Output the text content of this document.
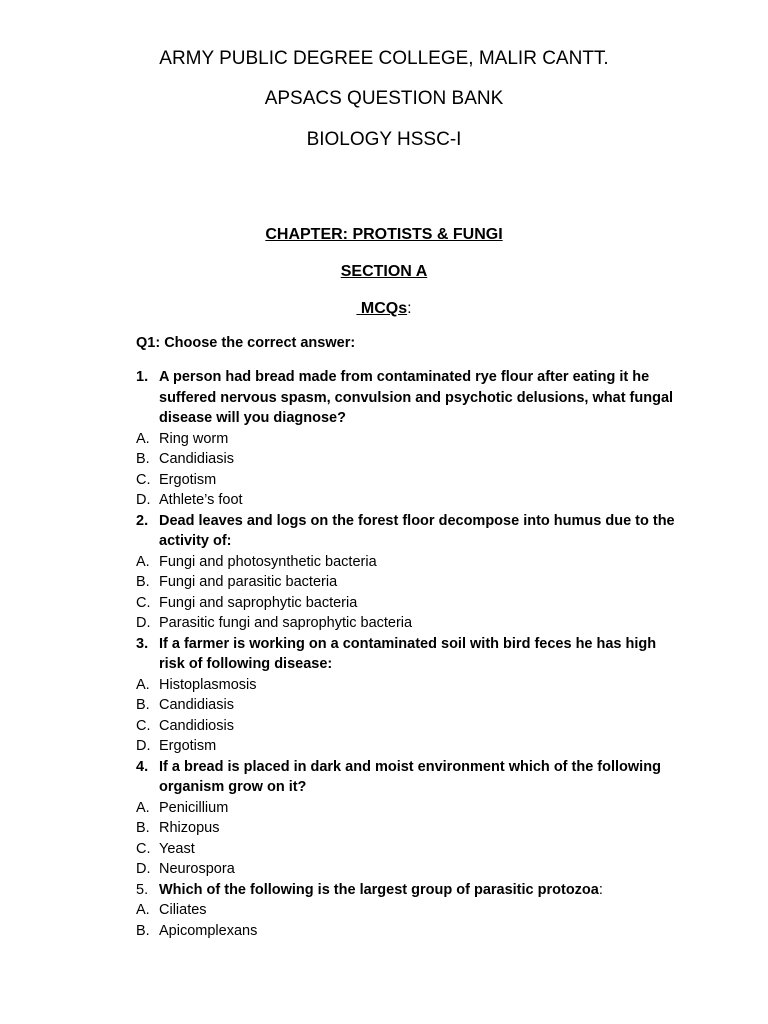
ARMY PUBLIC DEGREE COLLEGE, MALIR CANTT.
APSACS QUESTION BANK
BIOLOGY HSSC-I
CHAPTER: PROTISTS & FUNGI
SECTION A
MCQs:
Q1: Choose the correct answer:
1. A person had bread made from contaminated rye flour after eating it he suffered nervous spasm, convulsion and psychotic delusions, what fungal disease will you diagnose?
A. Ring worm
B. Candidiasis
C. Ergotism
D. Athlete’s foot
2. Dead leaves and logs on the forest floor decompose into humus due to the activity of:
A. Fungi and photosynthetic bacteria
B. Fungi and parasitic bacteria
C. Fungi and saprophytic bacteria
D. Parasitic fungi and saprophytic bacteria
3. If a farmer is working on a contaminated soil with bird feces he has high risk of following disease:
A. Histoplasmosis
B. Candidiasis
C. Candidiosis
D. Ergotism
4. If a bread is placed in dark and moist environment which of the following organism grow on it?
A. Penicillium
B. Rhizopus
C. Yeast
D. Neurospora
5. Which of the following is the largest group of parasitic protozoa:
A. Ciliates
B. Apicomplexans
